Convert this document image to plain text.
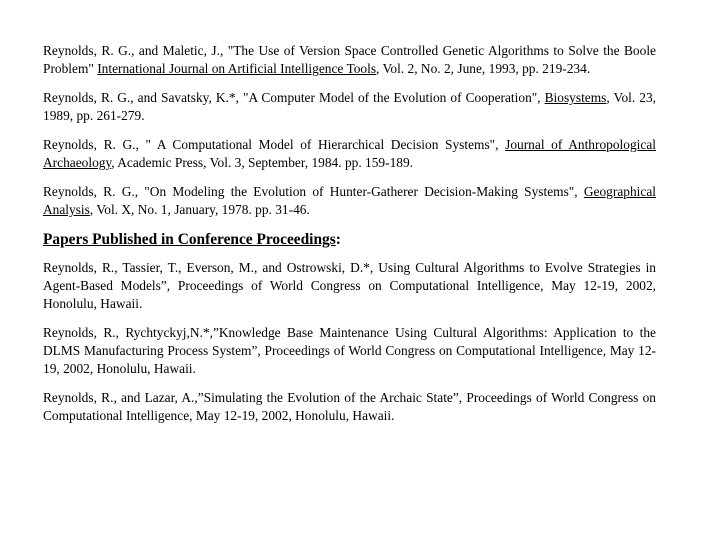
Reynolds, R. G., and Maletic, J., "The Use of Version Space Controlled Genetic Algorithms to Solve the Boole Problem" International Journal on Artificial Intelligence Tools, Vol. 2, No. 2, June, 1993, pp. 219-234.

Reynolds, R. G., and Savatsky, K.*, "A Computer Model of the Evolution of Cooperation", Biosystems, Vol. 23, 1989, pp. 261-279.

Reynolds, R. G., " A Computational Model of Hierarchical Decision Systems", Journal of Anthropological Archaeology, Academic Press, Vol. 3, September, 1984. pp. 159-189.

Reynolds, R. G., "On Modeling the Evolution of Hunter-Gatherer Decision-Making Systems", Geographical Analysis, Vol. X, No. 1, January, 1978. pp. 31-46.

Papers Published in Conference Proceedings:

Reynolds, R., Tassier, T., Everson, M., and Ostrowski, D.*, Using Cultural Algorithms to Evolve Strategies in Agent-Based Models”, Proceedings of World Congress on Computational Intelligence, May 12-19, 2002, Honolulu, Hawaii.

Reynolds, R., Rychtyckyj,N.*,”Knowledge Base Maintenance Using Cultural Algorithms: Application to the DLMS Manufacturing Process System”, Proceedings of World Congress on Computational Intelligence, May 12-19, 2002, Honolulu, Hawaii.

Reynolds, R., and Lazar, A.,”Simulating the Evolution of the Archaic State”, Proceedings of World Congress on Computational Intelligence, May 12-19, 2002, Honolulu, Hawaii.
